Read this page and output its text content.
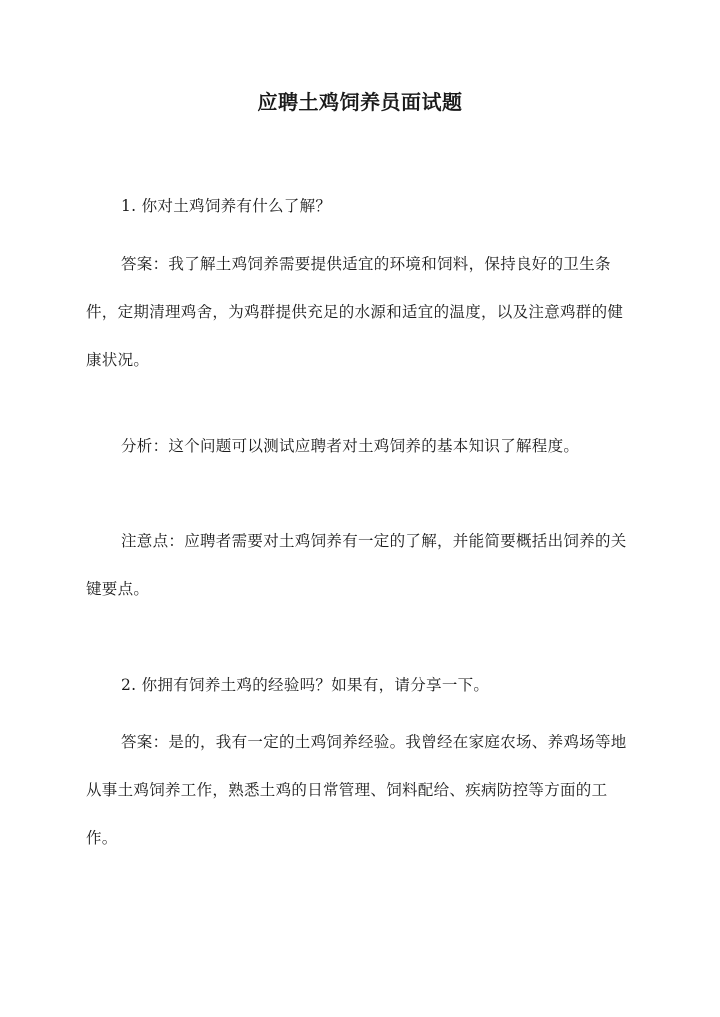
应聘土鸡饲养员面试题

1. 你对土鸡饲养有什么了解？

答案：我了解土鸡饲养需要提供适宜的环境和饲料，保持良好的卫生条件，定期清理鸡舍，为鸡群提供充足的水源和适宜的温度，以及注意鸡群的健康状况。

分析：这个问题可以测试应聘者对土鸡饲养的基本知识了解程度。

注意点：应聘者需要对土鸡饲养有一定的了解，并能简要概括出饲养的关键要点。

2. 你拥有饲养土鸡的经验吗？如果有，请分享一下。

答案：是的，我有一定的土鸡饲养经验。我曾经在家庭农场、养鸡场等地从事土鸡饲养工作，熟悉土鸡的日常管理、饲料配给、疾病防控等方面的工作。
